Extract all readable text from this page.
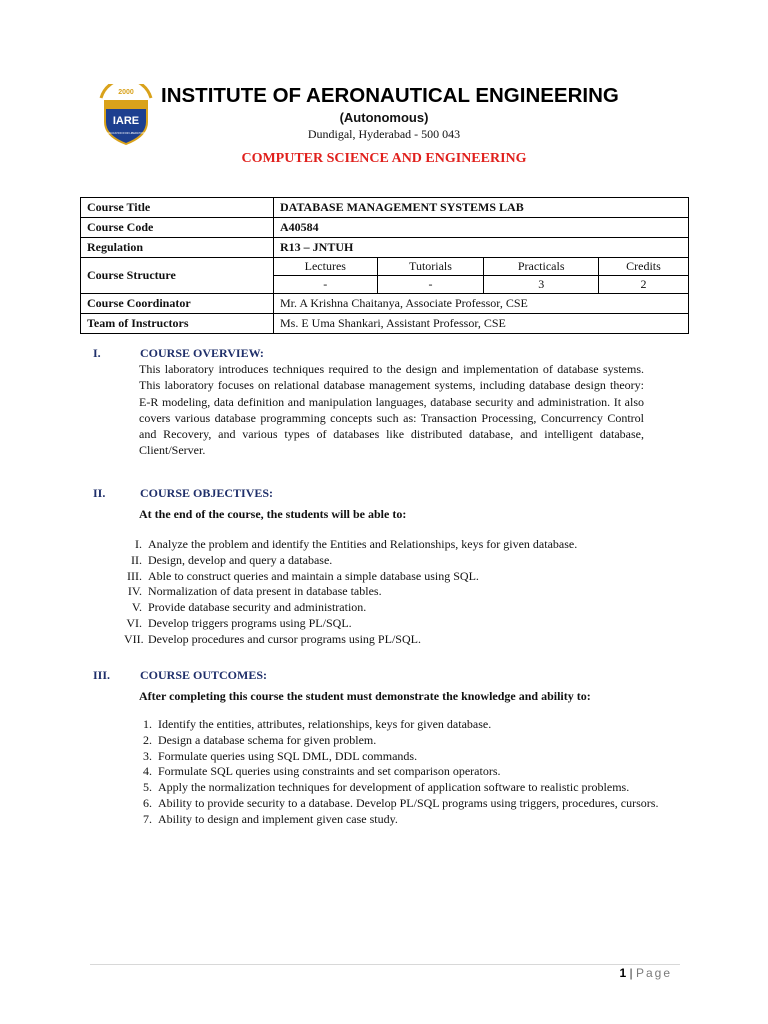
2000
IARE
EDUCATION FOR LIBERATION
INSTITUTE OF AERONAUTICAL ENGINEERING
(Autonomous)
Dundigal, Hyderabad - 500 043
COMPUTER SCIENCE AND ENGINEERING
Course Title	DATABASE MANAGEMENT SYSTEMS LAB			
Course Code	A40584			
Regulation	R13 – JNTUH			
Course Structure	Lectures	Tutorials	Practicals	Credits
	-	-	3	2
Course Coordinator	Mr. A Krishna Chaitanya, Associate Professor, CSE			
Team of Instructors	Ms. E Uma Shankari, Assistant Professor, CSE			
I.	COURSE OVERVIEW:
This laboratory introduces techniques required to the design and implementation of database systems. This laboratory focuses on relational database management systems, including database design theory: E-R modeling, data definition and manipulation languages, database security and administration. It also covers various database programming concepts such as: Transaction Processing, Concurrency Control and Recovery, and various types of databases like distributed database, and intelligent database, Client/Server.
II.	COURSE OBJECTIVES:
At the end of the course, the students will be able to:
I. Analyze the problem and identify the Entities and Relationships, keys for given database.
II. Design, develop and query a database.
III. Able to construct queries and maintain a simple database using SQL.
IV. Normalization of data present in database tables.
V. Provide database security and administration.
VI. Develop triggers programs using PL/SQL.
VII. Develop procedures and cursor programs using PL/SQL.
III. COURSE OUTCOMES:
After completing this course the student must demonstrate the knowledge and ability to:
1. Identify the entities, attributes, relationships, keys for given database.
2. Design a database schema for given problem.
3. Formulate queries using SQL DML, DDL commands.
4. Formulate SQL queries using constraints and set comparison operators.
5. Apply the normalization techniques for development of application software to realistic problems.
6. Ability to provide security to a database. Develop PL/SQL programs using triggers, procedures, cursors.
7. Ability to design and implement given case study.
1 | Page
